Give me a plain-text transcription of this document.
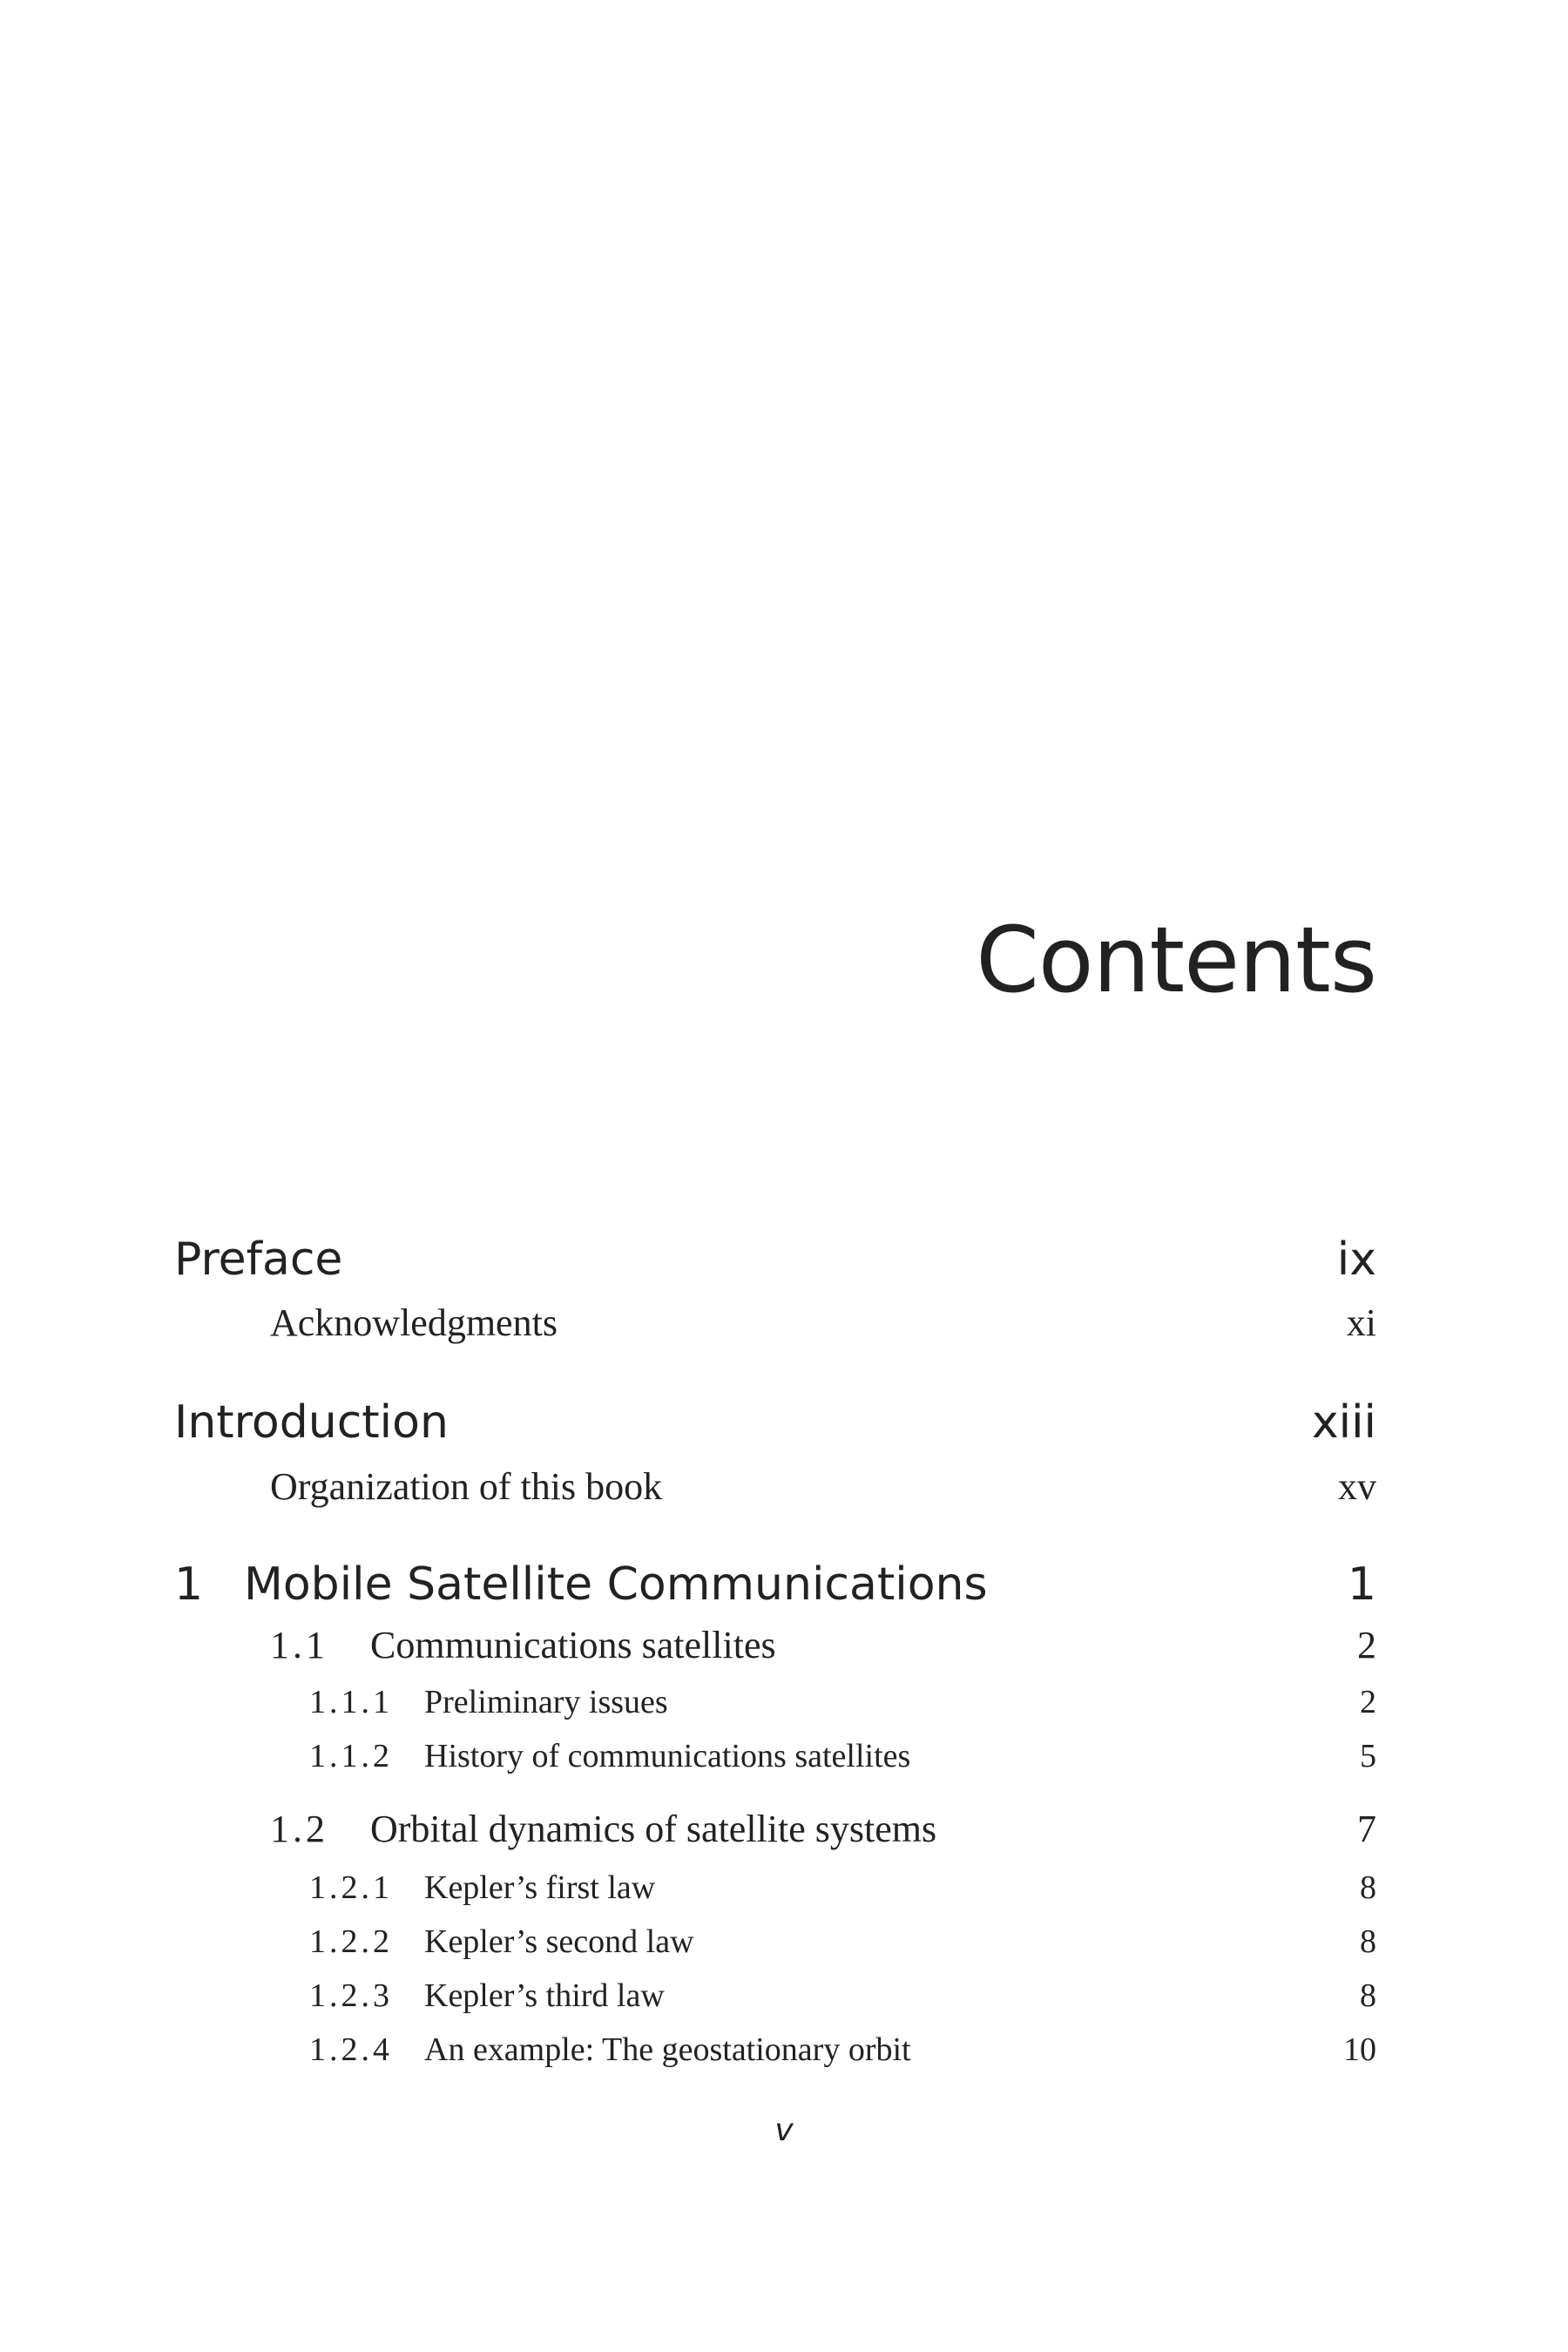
Contents
Preface	ix
Acknowledgments	xi
Introduction	xiii
Organization of this book	xv
1 Mobile Satellite Communications	1
1.1 Communications satellites	2
1.1.1 Preliminary issues	2
1.1.2 History of communications satellites	5
1.2 Orbital dynamics of satellite systems	7
1.2.1 Kepler’s first law	8
1.2.2 Kepler’s second law	8
1.2.3 Kepler’s third law	8
1.2.4 An example: The geostationary orbit	10
v
